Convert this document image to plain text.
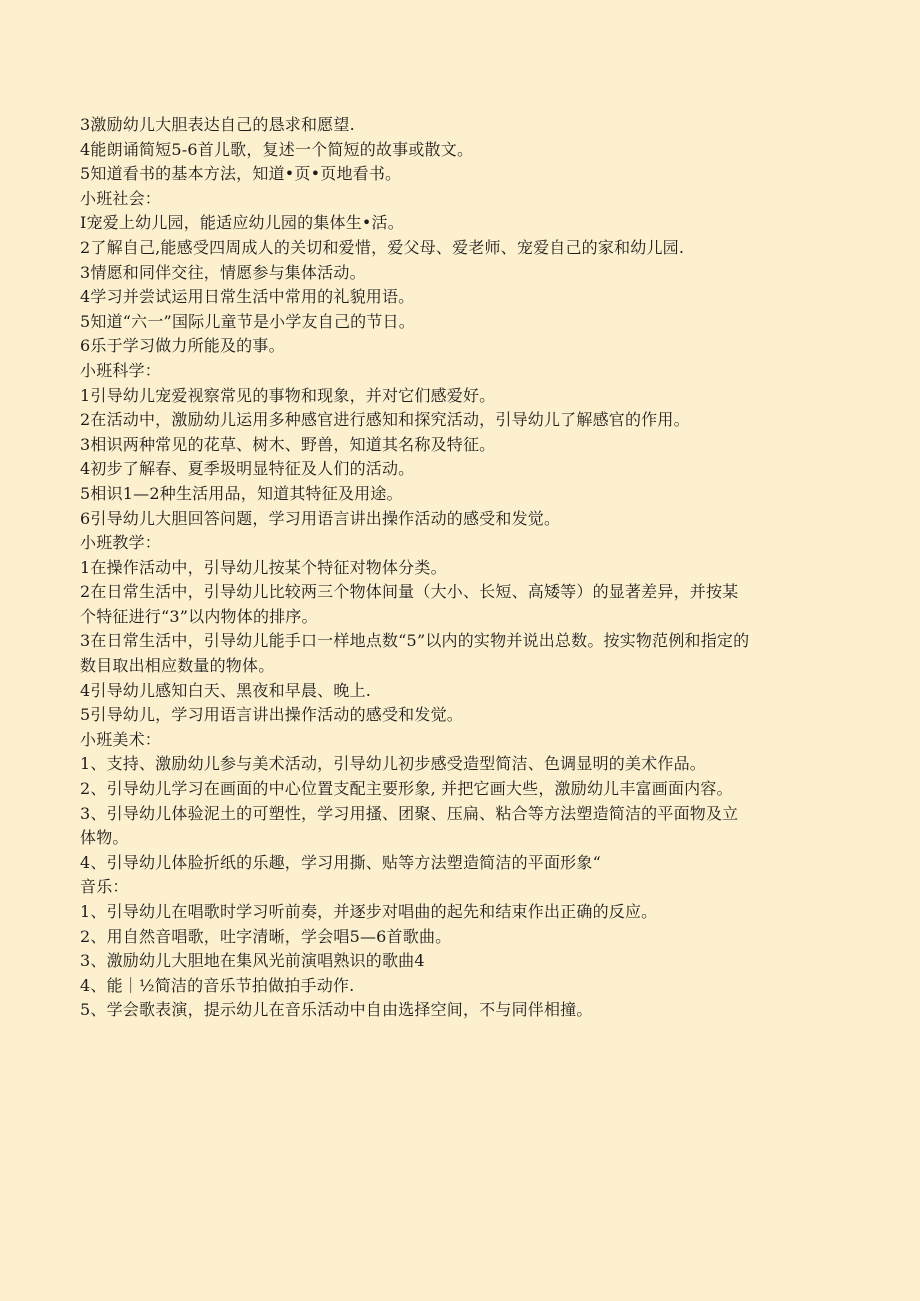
3激励幼儿大胆表达自己的恳求和愿望.
4能朗诵简短5-6首儿歌，复述一个简短的故事或散文。
5知道看书的基本方法，知道•页•页地看书。
小班社会：
I宠爱上幼儿园，能适应幼儿园的集体生•活。
2了解自己,能感受四周成人的关切和爱惜，爱父母、爱老师、宠爱自己的家和幼儿园.
3情愿和同伴交往，情愿参与集体活动。
4学习并尝试运用日常生活中常用的礼貌用语。
5知道“六一”国际儿童节是小学友自己的节日。
6乐于学习做力所能及的事。
小班科学：
1引导幼儿宠爱视察常见的事物和现象，并对它们感爱好。
2在活动中，激励幼儿运用多种感官进行感知和探究活动，引导幼儿了解感官的作用。
3相识两种常见的花草、树木、野兽，知道其名称及特征。
4初步了解春、夏季圾明显特征及人们的活动。
5相识1—2种生活用品，知道其特征及用途。
6引导幼儿大胆回答问题，学习用语言讲出操作活动的感受和发觉。
小班教学：
1在操作活动中，引导幼儿按某个特征对物体分类。
2在日常生活中，引导幼儿比较两三个物体间量（大小、长短、高矮等）的显著差异，并按某
个特征进行“3”以内物体的排序。
3在日常生活中，引导幼儿能手口一样地点数“5”以内的实物并说出总数。按实物范例和指定的
数目取出相应数量的物体。
4引导幼儿感知白天、黑夜和早晨、晚上.
5引导幼儿，学习用语言讲出操作活动的感受和发觉。
小班美术：
1、支持、激励幼儿参与美术活动，引导幼儿初步感受造型简洁、色调显明的美术作品。
2、引导幼儿学习在画面的中心位置支配主要形象, 并把它画大些，激励幼儿丰富画面内容。
3、引导幼儿体验泥土的可塑性，学习用搔、团聚、压扁、粘合等方法塑造简洁的平面物及立
体物。
4、引导幼儿体脸折纸的乐趣，学习用撕、贴等方法塑造简洁的平面形象“
音乐：
1、引导幼儿在唱歌时学习听前奏，并逐步对唱曲的起先和结束作出正确的反应。
2、用自然音唱歌，吐字清晰，学会唱5—6首歌曲。
3、激励幼儿大胆地在集风光前演唱熟识的歌曲4
4、能｜½简洁的音乐节拍做拍手动作.
5、学会歌表演，提示幼儿在音乐活动中自由选择空间，不与同伴相撞。
